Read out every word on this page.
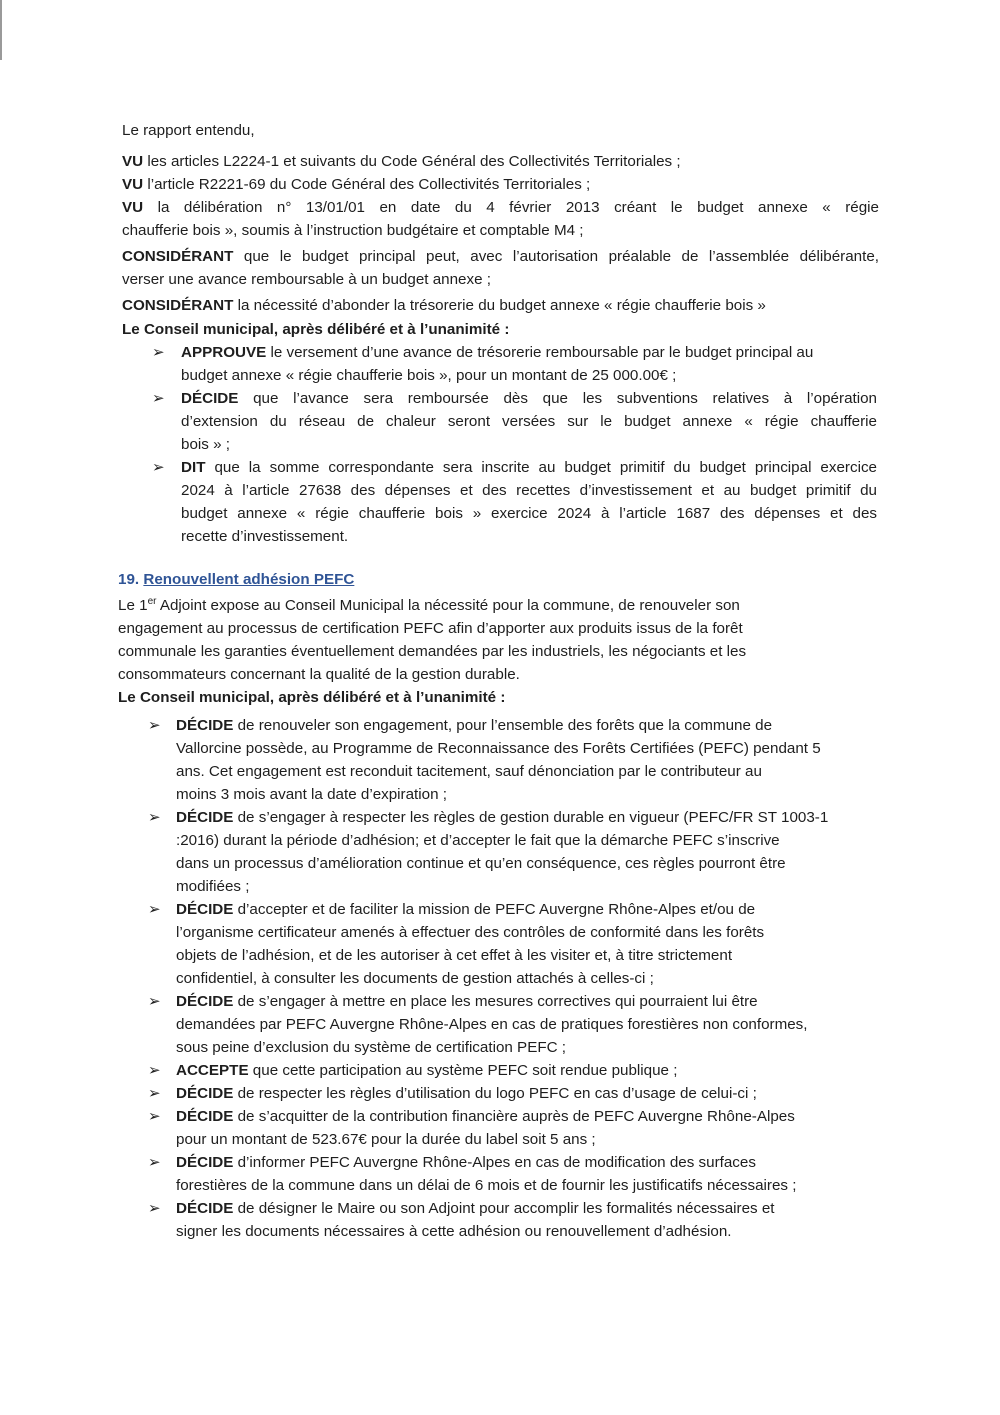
Le rapport entendu,
VU les articles L2224-1 et suivants du Code Général des Collectivités Territoriales ;
VU l’article R2221-69 du Code Général des Collectivités Territoriales ;
VU la délibération n° 13/01/01 en date du 4 février 2013 créant le budget annexe « régie
chaufferie bois », soumis à l’instruction budgétaire et comptable M4 ;
CONSIDÉRANT que le budget principal peut, avec l’autorisation préalable de l’assemblée délibérante,
verser une avance remboursable à un budget annexe ;
CONSIDÉRANT la nécessité d’abonder la trésorerie du budget annexe « régie chaufferie bois »
Le Conseil municipal, après délibéré et à l’unanimité :
➢ APPROUVE le versement d’une avance de trésorerie remboursable par le budget principal au
budget annexe « régie chaufferie bois », pour un montant de 25 000.00€ ;
➢ DÉCIDE que l’avance sera remboursée dès que les subventions relatives à l’opération
d’extension du réseau de chaleur seront versées sur le budget annexe « régie chaufferie
bois » ;
➢ DIT que la somme correspondante sera inscrite au budget primitif du budget principal exercice
2024 à l’article 27638 des dépenses et des recettes d’investissement et au budget primitif du
budget annexe « régie chaufferie bois » exercice 2024 à l’article 1687 des dépenses et des
recette d’investissement.
19. Renouvellent adhésion PEFC
Le 1er Adjoint expose au Conseil Municipal la nécessité pour la commune, de renouveler son
engagement au processus de certification PEFC afin d’apporter aux produits issus de la forêt
communale les garanties éventuellement demandées par les industriels, les négociants et les
consommateurs concernant la qualité de la gestion durable.
Le Conseil municipal, après délibéré et à l’unanimité :
➢ DÉCIDE de renouveler son engagement, pour l’ensemble des forêts que la commune de
Vallorcine possède, au Programme de Reconnaissance des Forêts Certifiées (PEFC) pendant 5
ans. Cet engagement est reconduit tacitement, sauf dénonciation par le contributeur au
moins 3 mois avant la date d’expiration ;
➢ DÉCIDE de s’engager à respecter les règles de gestion durable en vigueur (PEFC/FR ST 1003-1
:2016) durant la période d’adhésion; et d’accepter le fait que la démarche PEFC s’inscrive
dans un processus d’amélioration continue et qu’en conséquence, ces règles pourront être
modifiées ;
➢ DÉCIDE d’accepter et de faciliter la mission de PEFC Auvergne Rhône-Alpes et/ou de
l’organisme certificateur amenés à effectuer des contrôles de conformité dans les forêts
objets de l’adhésion, et de les autoriser à cet effet à les visiter et, à titre strictement
confidentiel, à consulter les documents de gestion attachés à celles-ci ;
➢ DÉCIDE de s’engager à mettre en place les mesures correctives qui pourraient lui être
demandées par PEFC Auvergne Rhône-Alpes en cas de pratiques forestières non conformes,
sous peine d’exclusion du système de certification PEFC ;
➢ ACCEPTE que cette participation au système PEFC soit rendue publique ;
➢ DÉCIDE de respecter les règles d’utilisation du logo PEFC en cas d’usage de celui-ci ;
➢ DÉCIDE de s’acquitter de la contribution financière auprès de PEFC Auvergne Rhône-Alpes
pour un montant de 523.67€ pour la durée du label soit 5 ans ;
➢ DÉCIDE d’informer PEFC Auvergne Rhône-Alpes en cas de modification des surfaces
forestières de la commune dans un délai de 6 mois et de fournir les justificatifs nécessaires ;
➢ DÉCIDE de désigner le Maire ou son Adjoint pour accomplir les formalités nécessaires et
signer les documents nécessaires à cette adhésion ou renouvellement d’adhésion.
